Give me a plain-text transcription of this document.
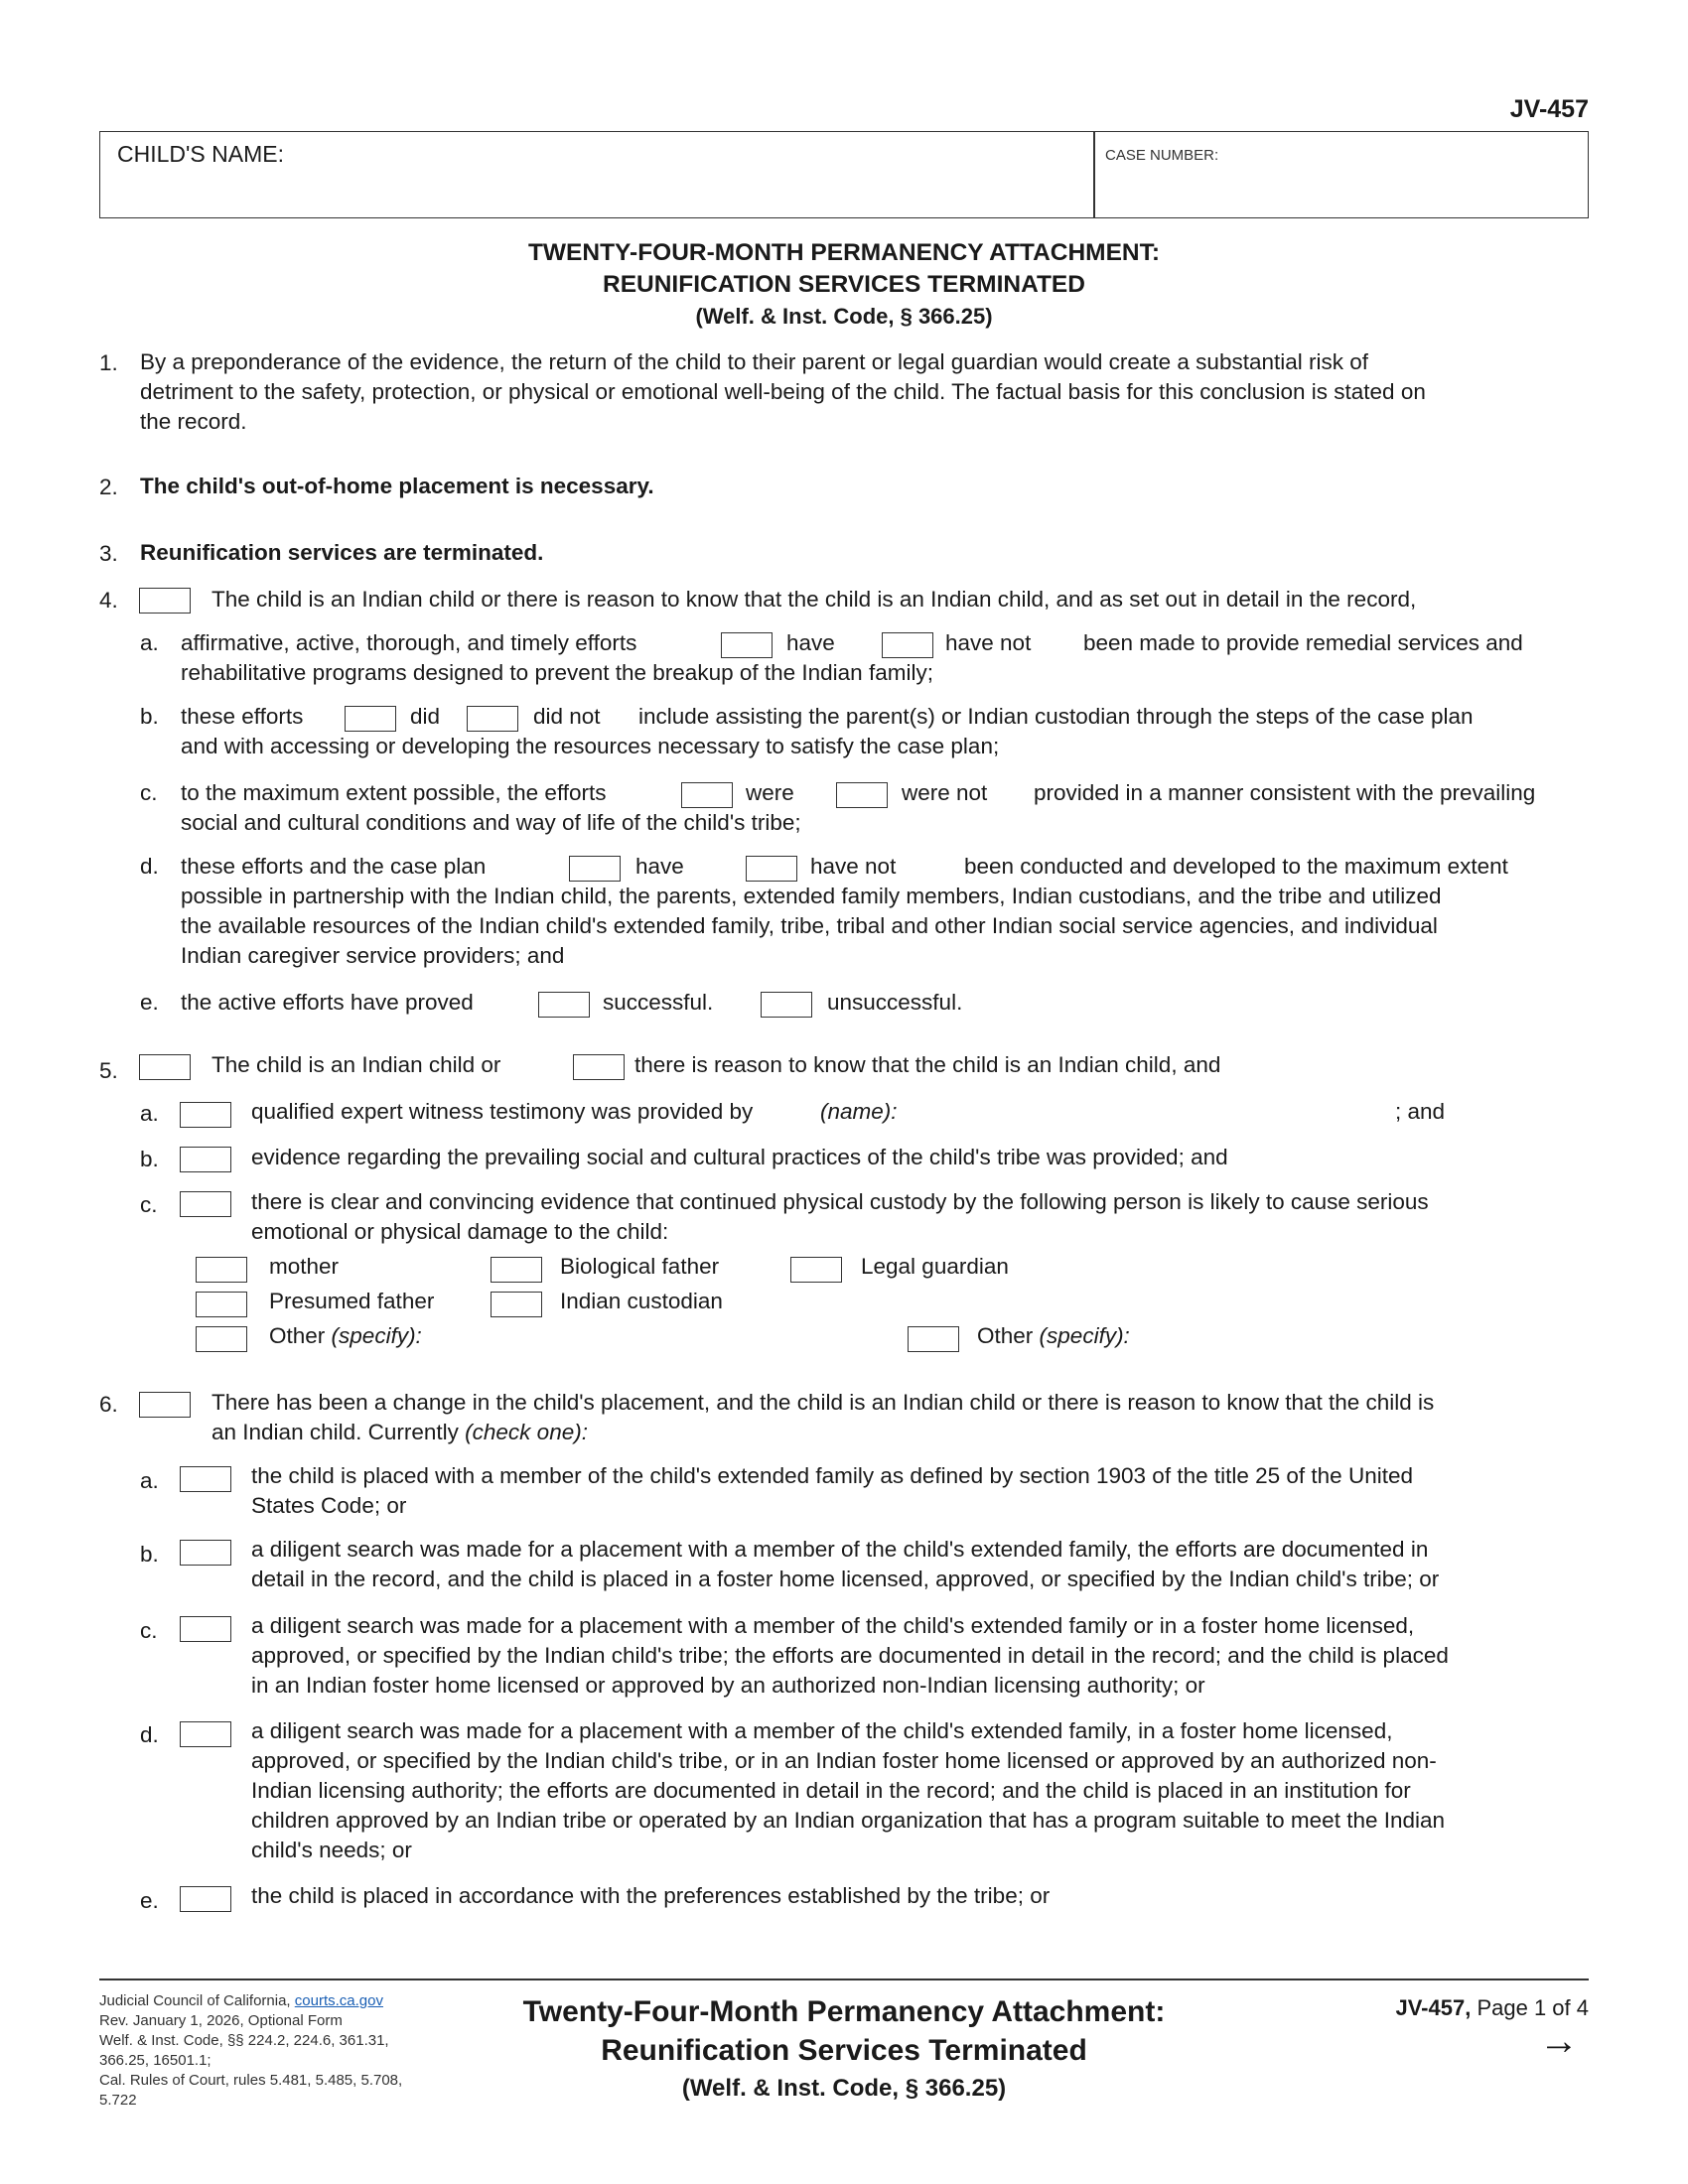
JV-457
CHILD'S NAME:	CASE NUMBER:
TWENTY-FOUR-MONTH PERMANENCY ATTACHMENT:
REUNIFICATION SERVICES TERMINATED
(Welf. & Inst. Code, § 366.25)
1. By a preponderance of the evidence, the return of the child to their parent or legal guardian would create a substantial risk of
detriment to the safety, protection, or physical or emotional well-being of the child. The factual basis for this conclusion is stated on
the record.
2. The child's out-of-home placement is necessary.
3. Reunification services are terminated.
4.	The child is an Indian child or there is reason to know that the child is an Indian child, and as set out in detail in the record,
a. affirmative, active, thorough, and timely efforts	have	have not been made to provide remedial services and
rehabilitative programs designed to prevent the breakup of the Indian family;
b. these efforts	did	did not include assisting the parent(s) or Indian custodian through the steps of the case plan
and with accessing or developing the resources necessary to satisfy the case plan;
c. to the maximum extent possible, the efforts	were	were not provided in a manner consistent with the prevailing
social and cultural conditions and way of life of the child's tribe;
d. these efforts and the case plan	have	have not	been conducted and developed to the maximum extent
possible in partnership with the Indian child, the parents, extended family members, Indian custodians, and the tribe and utilized
the available resources of the Indian child's extended family, tribe, tribal and other Indian social service agencies, and individual
Indian caregiver service providers; and
e. the active efforts have proved	successful.	unsuccessful.
5.	The child is an Indian child or	there is reason to know that the child is an Indian child, and
a.	qualified expert witness testimony was provided by	(name):	; and
b.	evidence regarding the prevailing social and cultural practices of the child's tribe was provided; and
c.	there is clear and convincing evidence that continued physical custody by the following person is likely to cause serious
emotional or physical damage to the child:
mother	Biological father	Legal guardian
Presumed father	Indian custodian
Other (specify):	Other (specify):
6.	There has been a change in the child's placement, and the child is an Indian child or there is reason to know that the child is
an Indian child. Currently (check one):
a.	the child is placed with a member of the child's extended family as defined by section 1903 of the title 25 of the United
States Code; or
b.	a diligent search was made for a placement with a member of the child's extended family, the efforts are documented in
detail in the record, and the child is placed in a foster home licensed, approved, or specified by the Indian child's tribe; or
c.	a diligent search was made for a placement with a member of the child's extended family or in a foster home licensed,
approved, or specified by the Indian child's tribe; the efforts are documented in detail in the record; and the child is placed
in an Indian foster home licensed or approved by an authorized non-Indian licensing authority; or
d.	a diligent search was made for a placement with a member of the child's extended family, in a foster home licensed,
approved, or specified by the Indian child's tribe, or in an Indian foster home licensed or approved by an authorized non-
Indian licensing authority; the efforts are documented in detail in the record; and the child is placed in an institution for
children approved by an Indian tribe or operated by an Indian organization that has a program suitable to meet the Indian
child's needs; or
e.	the child is placed in accordance with the preferences established by the tribe; or
Judicial Council of California, courts.ca.gov
Rev. January 1, 2026, Optional Form
Welf. & Inst. Code, §§ 224.2, 224.6, 361.31,
366.25, 16501.1;
Cal. Rules of Court, rules 5.481, 5.485, 5.708,
5.722
Twenty-Four-Month Permanency Attachment:
Reunification Services Terminated
(Welf. & Inst. Code, § 366.25)
JV-457, Page 1 of 4
→
